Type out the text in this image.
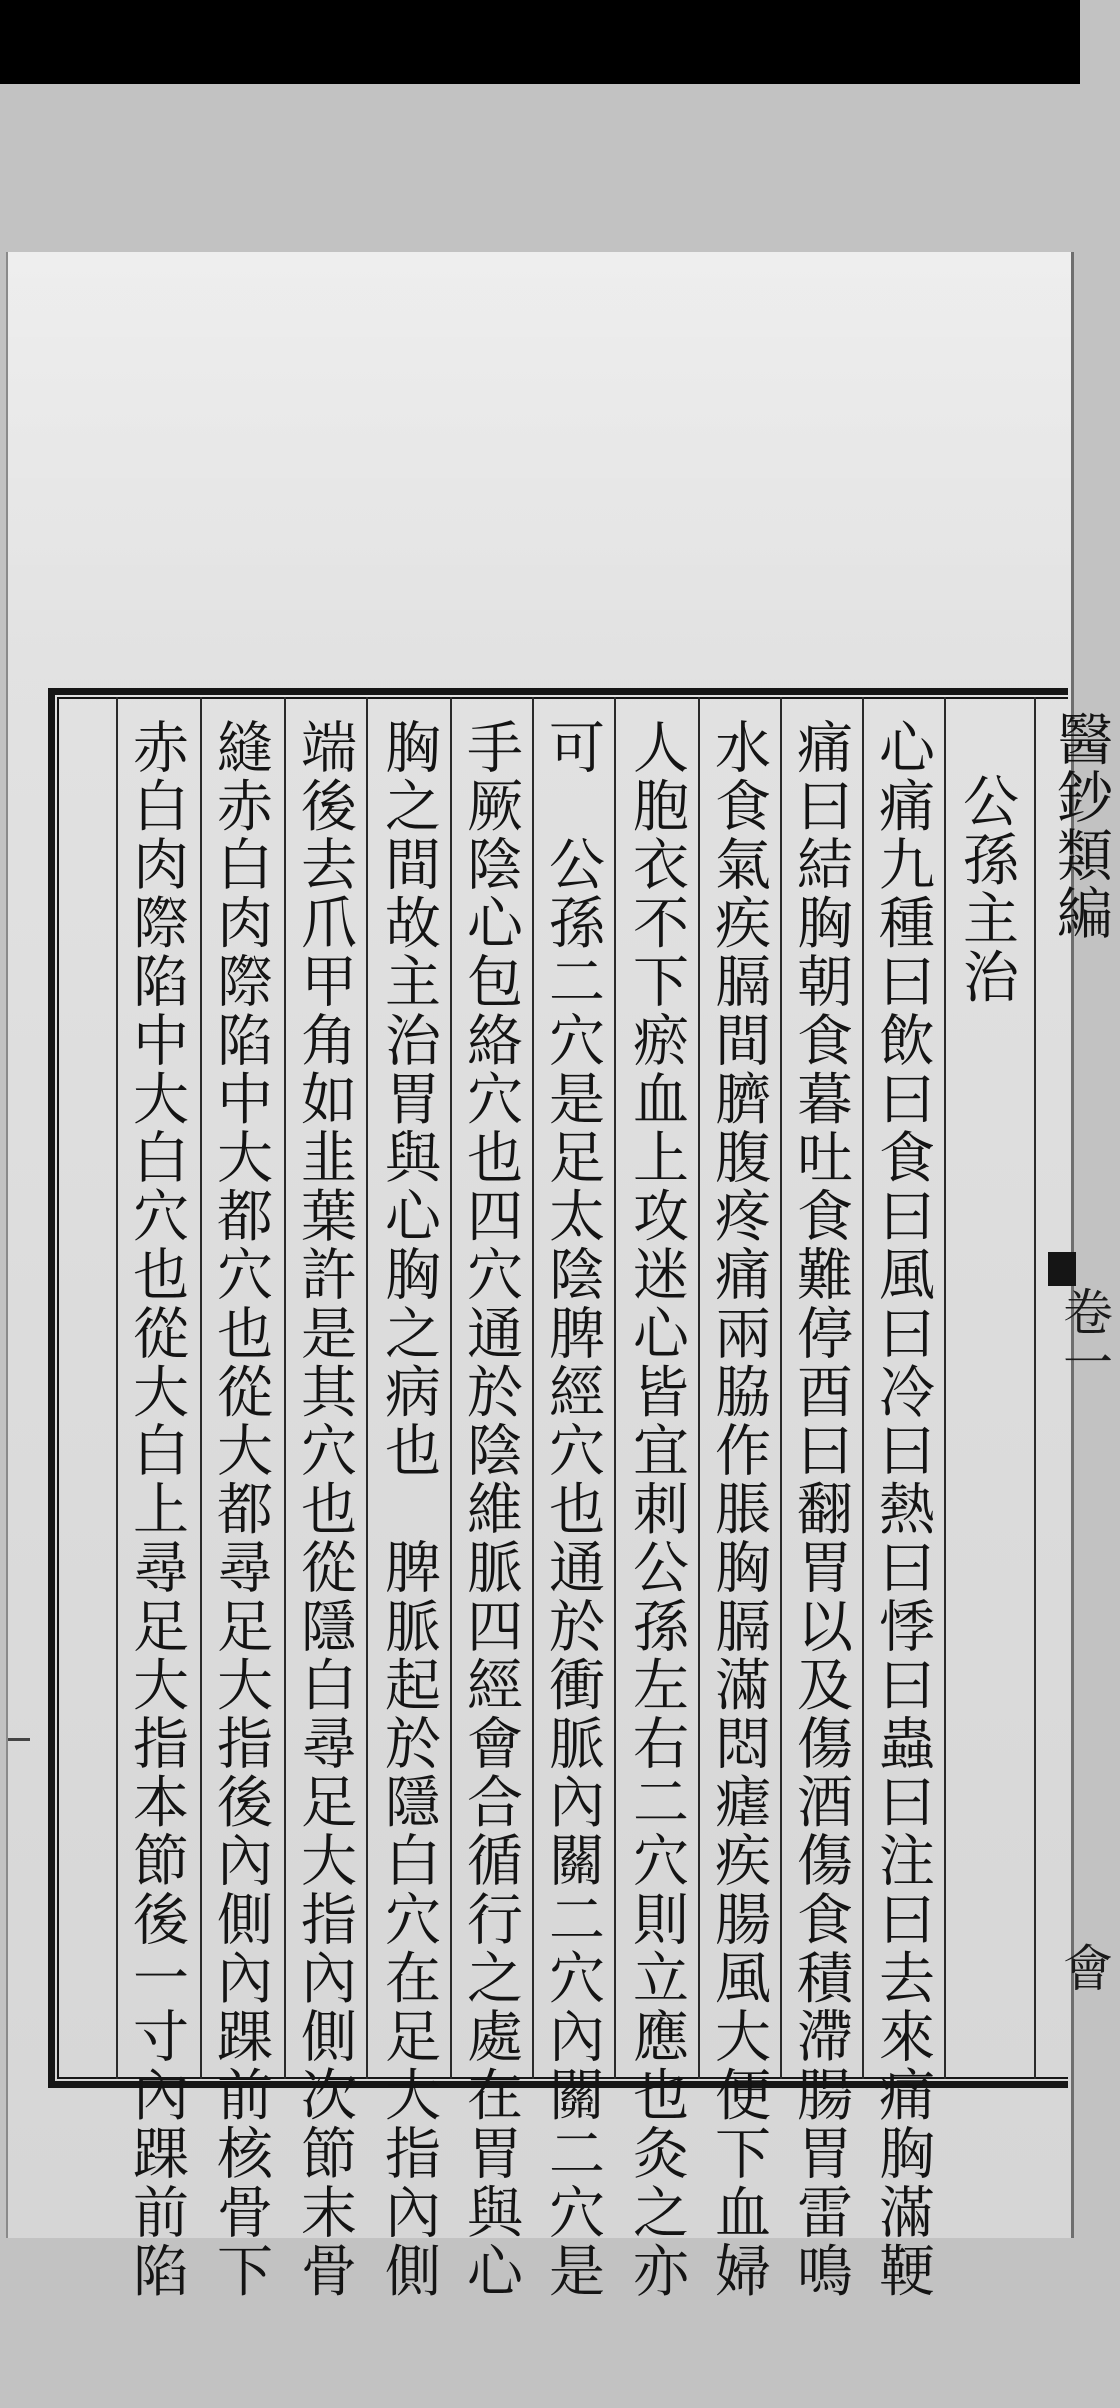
醫鈔類編
卷一
會
公孫主治
心痛九種曰飲曰食曰風曰冷曰熱曰悸曰蟲曰注曰去來痛胸滿鞕
痛曰結胸朝食暮吐食難停酉曰翻胃以及傷酒傷食積滯腸胃雷鳴
水食氣疾膈間臍腹疼痛兩脇作脹胸膈滿悶瘧疾腸風大便下血婦
人胞衣不下瘀血上攻迷心皆宜刺公孫左右二穴則立應也灸之亦
可　公孫二穴是足太陰脾經穴也通於衝脈內關二穴內關二穴是
手厥陰心包絡穴也四穴通於陰維脈四經會合循行之處在胃與心
胸之間故主治胃與心胸之病也　脾脈起於隱白穴在足大指內側
端後去爪甲角如韭葉許是其穴也從隱白尋足大指內側次節末骨
縫赤白肉際陷中大都穴也從大都尋足大指後內側內踝前核骨下
赤白肉際陷中大白穴也從大白上尋足大指本節後一寸內踝前陷
